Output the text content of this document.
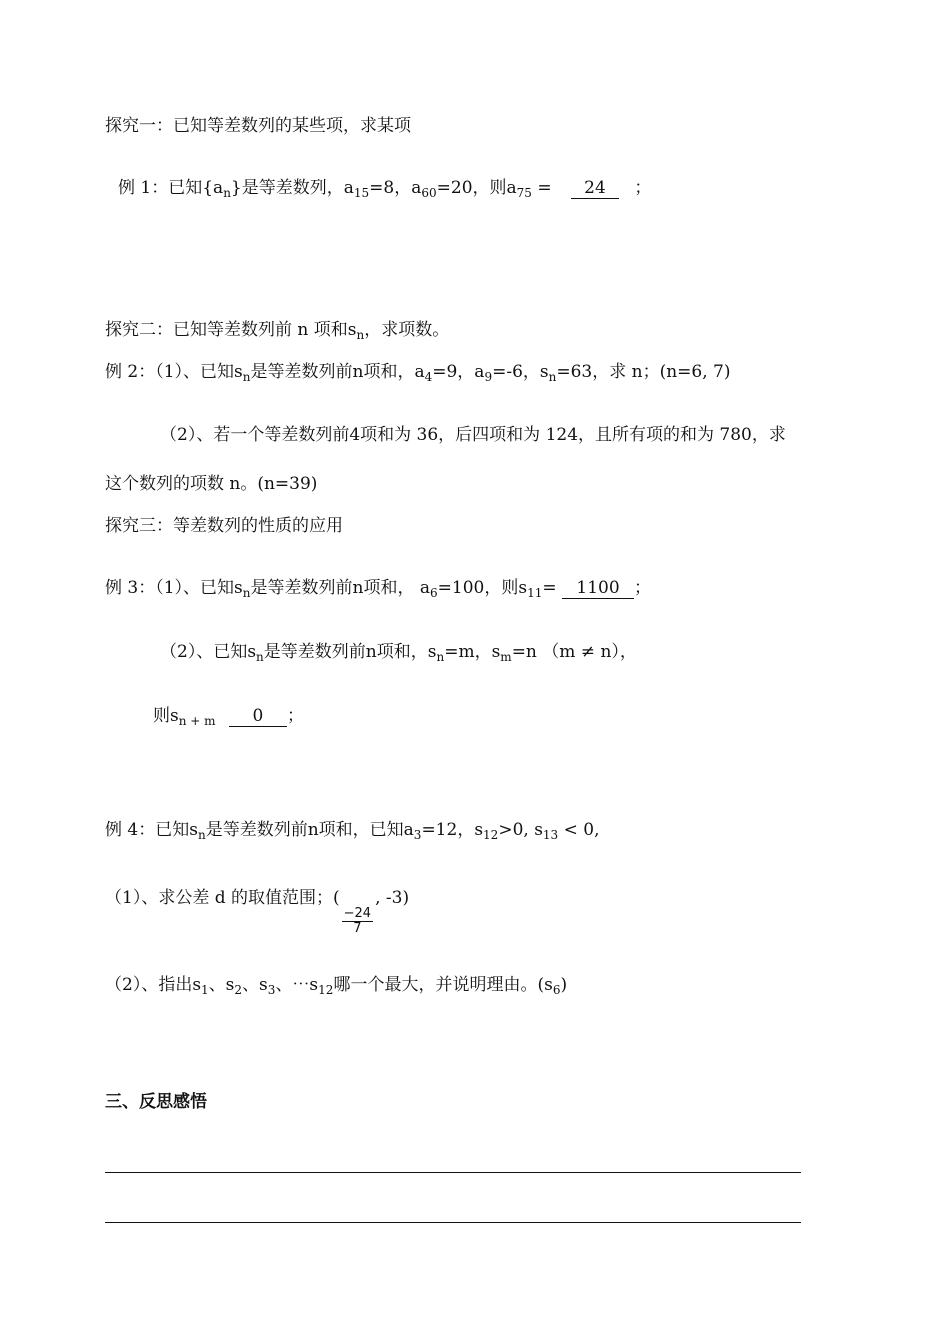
探究一：已知等差数列的某些项，求某项
例 1：已知$\{a_n\}$是等差数列，$a_{15}=8$，$a_{60}=20$，则$a_{75} = 24$ ；
探究二：已知等差数列前 n 项和$s_n$，求项数。
例 2：（1）、已知$s_n$是等差数列前n项和，$a_4=9$，$a_9=-6$，$s_n=63$，求 n；(n=6, 7)
（2）、若一个等差数列前4项和为 36，后四项和为 124，且所有项的和为 780，求
这个数列的项数 n。(n=39)
探究三：等差数列的性质的应用
例 3：（1）、已知$s_n$是等差数列前n项和， $a_6=100$，则$s_{11}= 1100$ ；
（2）、已知$s_n$是等差数列前n项和，$s_n=m$，$s_m=n$ （m ≠ n），
则$s_{n + m}$ 0 ；
例 4：已知$s_n$是等差数列前n项和，已知$a_3=12$，$s_{12}>0$, $s_{13} < 0$,
（1）、求公差 d 的取值范围；(
$\frac{-24}{7}$
, -3)
（2）、指出$s_1$、$s_2$、$s_3$、$\cdots s_{12}$哪一个最大，并说明理由。$(s_6)$
三、反思感悟
